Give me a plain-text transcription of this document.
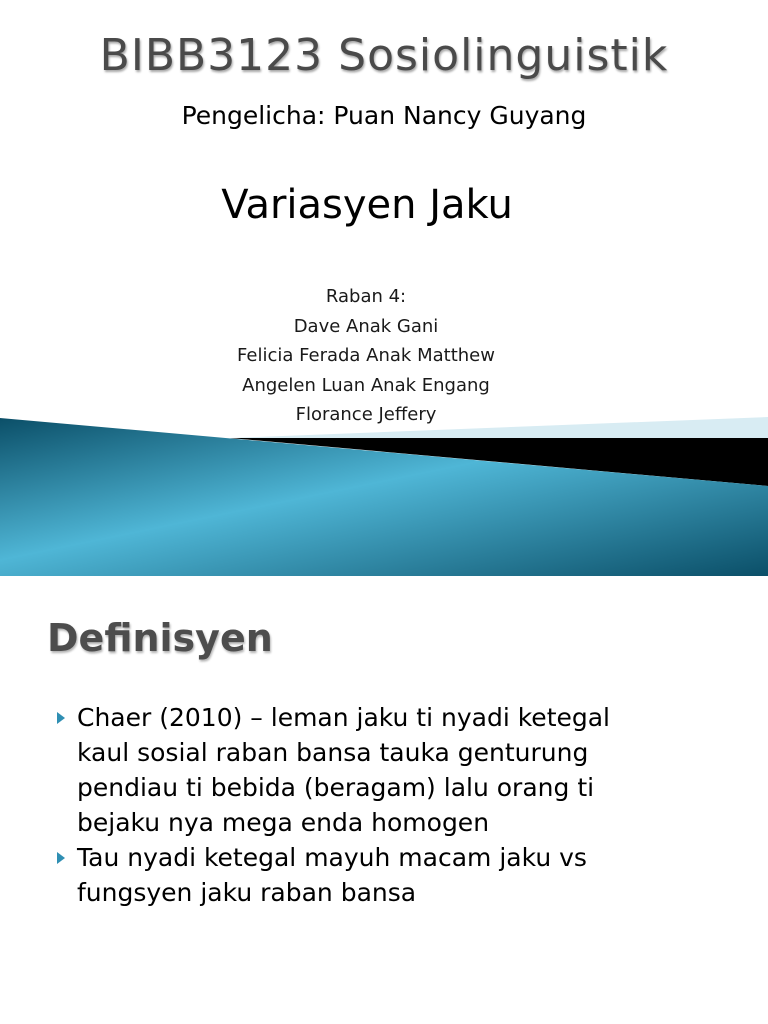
BIBB3123 Sosiolinguistik
Pengelicha: Puan Nancy Guyang
Variasyen Jaku
Raban 4:
Dave Anak Gani
Felicia Ferada Anak Matthew
Angelen Luan Anak Engang
Florance Jeffery
Definisyen
Chaer (2010) – leman jaku ti nyadi ketegal
kaul sosial raban bansa tauka genturung
pendiau ti bebida (beragam) lalu orang ti
bejaku nya mega enda homogen
Tau nyadi ketegal mayuh macam jaku vs
fungsyen jaku raban bansa
